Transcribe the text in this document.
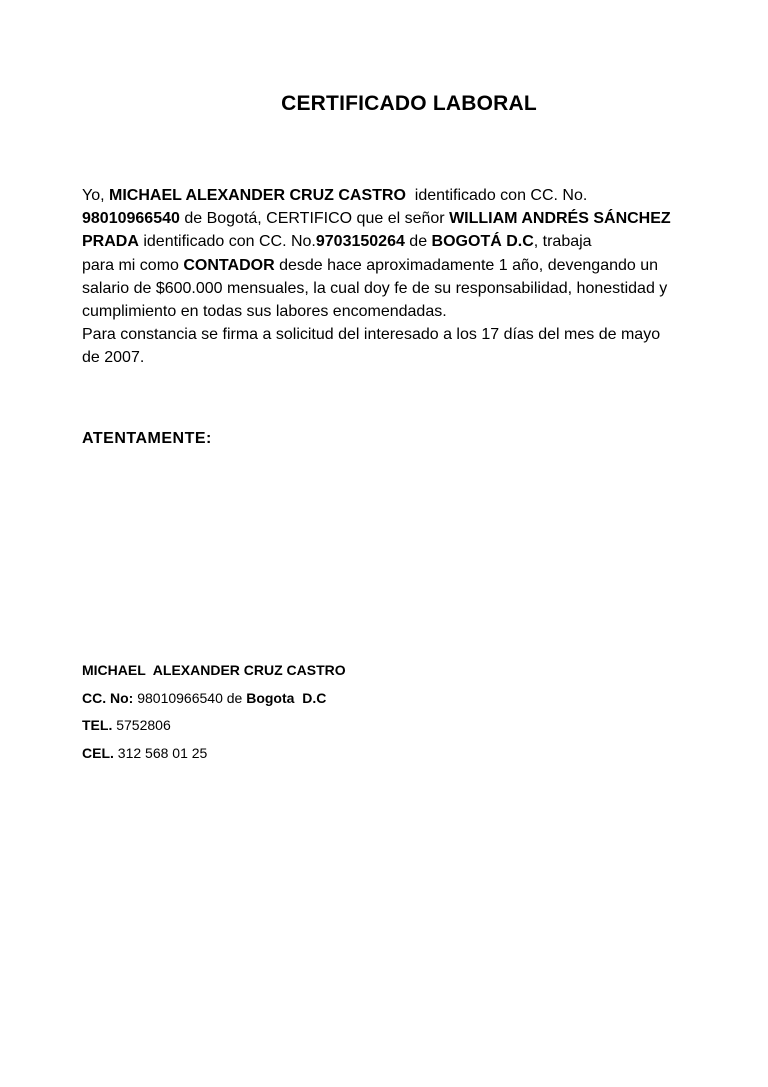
CERTIFICADO LABORAL
Yo, MICHAEL ALEXANDER CRUZ CASTRO  identificado con CC. No.
98010966540 de Bogotá, CERTIFICO que el señor WILLIAM ANDRÉS SÁNCHEZ
PRADA identificado con CC. No.9703150264 de BOGOTÁ D.C, trabaja
para mi como CONTADOR desde hace aproximadamente 1 año, devengando un
salario de $600.000 mensuales, la cual doy fe de su responsabilidad, honestidad y
cumplimiento en todas sus labores encomendadas.
Para constancia se firma a solicitud del interesado a los 17 días del mes de mayo
de 2007.
ATENTAMENTE:
MICHAEL  ALEXANDER CRUZ CASTRO
CC. No: 98010966540 de Bogota  D.C
TEL. 5752806
CEL. 312 568 01 25
